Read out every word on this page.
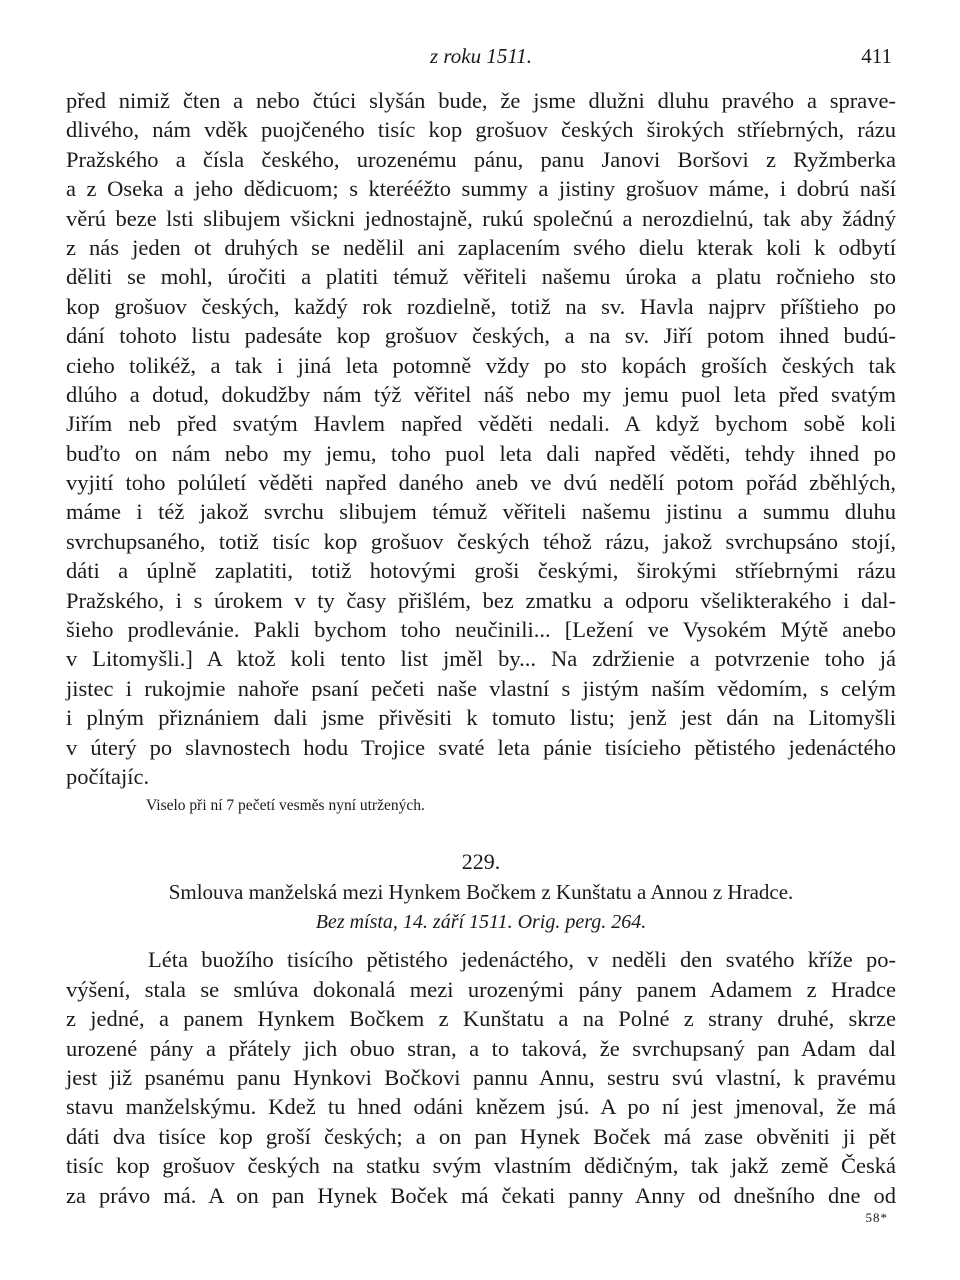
z roku 1511.	411
před nimiž čten a nebo čtúci slyšán bude, že jsme dlužni dluhu pravého a sprave-
dlivého, nám vděk puojčeného tisíc kop grošuov českých širokých stříebrných, rázu
Pražského a čísla českého, urozenému pánu, panu Janovi Boršovi z Ryžmberka
a z Oseka a jeho dědicuom; s kterééžto summy a jistiny grošuov máme, i dobrú naší
věrú beze lsti slibujem všickni jednostajně, rukú společnú a nerozdielnú, tak aby žádný
z nás jeden ot druhých se nedělil ani zaplacením svého dielu kterak koli k odbytí
děliti se mohl, úročiti a platiti témuž věřiteli našemu úroka a platu ročnieho sto
kop grošuov českých, každý rok rozdielně, totiž na sv. Havla najprv příštieho po
dání tohoto listu padesáte kop grošuov českých, a na sv. Jiří potom ihned budú-
cieho tolikéž, a tak i jiná leta potomně vždy po sto kopách groších českých tak
dlúho a dotud, dokudžby nám týž věřitel náš nebo my jemu puol leta před svatým
Jiřím neb před svatým Havlem napřed věděti nedali. A když bychom sobě koli
buďto on nám nebo my jemu, toho puol leta dali napřed věděti, tehdy ihned po
vyjití toho polúletí věděti napřed daného aneb ve dvú nedělí potom pořád zběhlých,
máme i též jakož svrchu slibujem témuž věřiteli našemu jistinu a summu dluhu
svrchupsaného, totiž tisíc kop grošuov českých téhož rázu, jakož svrchupsáno stojí,
dáti a úplně zaplatiti, totiž hotovými groši českými, širokými stříebrnými rázu
Pražského, i s úrokem v ty časy přišlém, bez zmatku a odporu všelikterakého i dal-
šieho prodlevánie. Pakli bychom toho neučinili... [Ležení ve Vysokém Mýtě anebo
v Litomyšli.] A ktož koli tento list jměl by... Na zdržienie a potvrzenie toho já
jistec i rukojmie nahoře psaní pečeti naše vlastní s jistým naším vědomím, s celým
i plným přiznániem dali jsme přivěsiti k tomuto listu; jenž jest dán na Litomyšli
v úterý po slavnostech hodu Trojice svaté leta pánie tisícieho pětistého jedenáctého
počítajíc.
Viselo při ní 7 pečetí vesměs nyní utržených.
229.
Smlouva manželská mezi Hynkem Bočkem z Kunštatu a Annou z Hradce.
Bez místa, 14. září 1511. Orig. perg. 264.
Léta buožího tisícího pětistého jedenáctého, v neděli den svatého kříže po-
výšení, stala se smlúva dokonalá mezi urozenými pány panem Adamem z Hradce
z jedné, a panem Hynkem Bočkem z Kunštatu a na Polné z strany druhé, skrze
urozené pány a přátely jich obuo stran, a to taková, že svrchupsaný pan Adam dal
jest již psanému panu Hynkovi Bočkovi pannu Annu, sestru svú vlastní, k pravému
stavu manželskýmu. Kdež tu hned odáni knězem jsú. A po ní jest jmenoval, že má
dáti dva tisíce kop groší českých; a on pan Hynek Boček má zase obvěniti ji pět
tisíc kop grošuov českých na statku svým vlastním dědičným, tak jakž země Česká
za právo má. A on pan Hynek Boček má čekati panny Anny od dnešního dne od
58*
